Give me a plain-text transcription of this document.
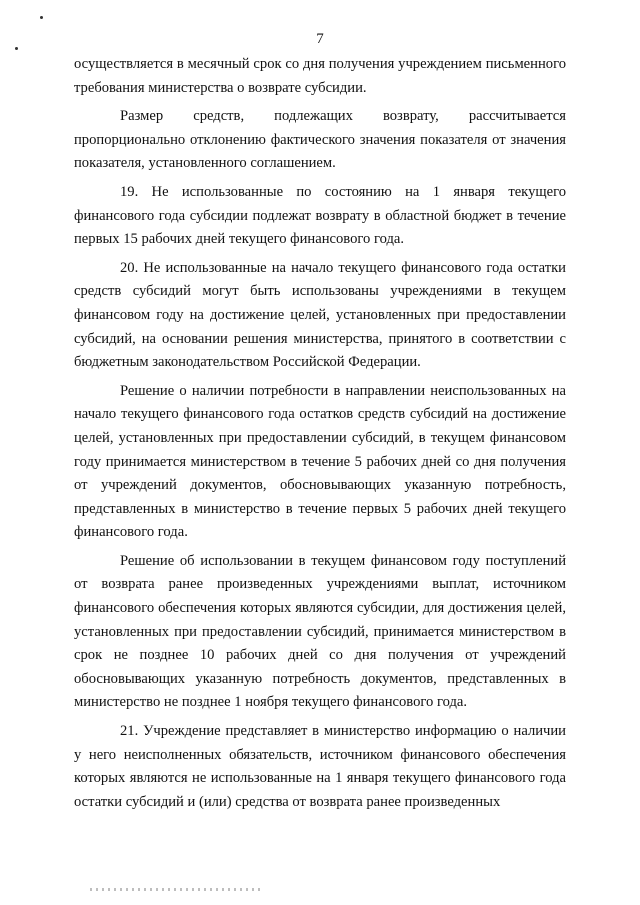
7

осуществляется в месячный срок со дня получения учреждением письменного требования министерства о возврате субсидии.

Размер средств, подлежащих возврату, рассчитывается пропорционально отклонению фактического значения показателя от значения показателя, установленного соглашением.

19. Не использованные по состоянию на 1 января текущего финансового года субсидии подлежат возврату в областной бюджет в течение первых 15 рабочих дней текущего финансового года.

20. Не использованные на начало текущего финансового года остатки средств субсидий могут быть использованы учреждениями в текущем финансовом году на достижение целей, установленных при предоставлении субсидий, на основании решения министерства, принятого в соответствии с бюджетным законодательством Российской Федерации.

Решение о наличии потребности в направлении неиспользованных на начало текущего финансового года остатков средств субсидий на достижение целей, установленных при предоставлении субсидий, в текущем финансовом году принимается министерством в течение 5 рабочих дней со дня получения от учреждений документов, обосновывающих указанную потребность, представленных в министерство в течение первых 5 рабочих дней текущего финансового года.

Решение об использовании в текущем финансовом году поступлений от возврата ранее произведенных учреждениями выплат, источником финансового обеспечения которых являются субсидии, для достижения целей, установленных при предоставлении субсидий, принимается министерством в срок не позднее 10 рабочих дней со дня получения от учреждений обосновывающих указанную потребность документов, представленных в министерство не позднее 1 ноября текущего финансового года.

21. Учреждение представляет в министерство информацию о наличии у него неисполненных обязательств, источником финансового обеспечения которых являются не использованные на 1 января текущего финансового года остатки субсидий и (или) средства от возврата ранее произведенных
